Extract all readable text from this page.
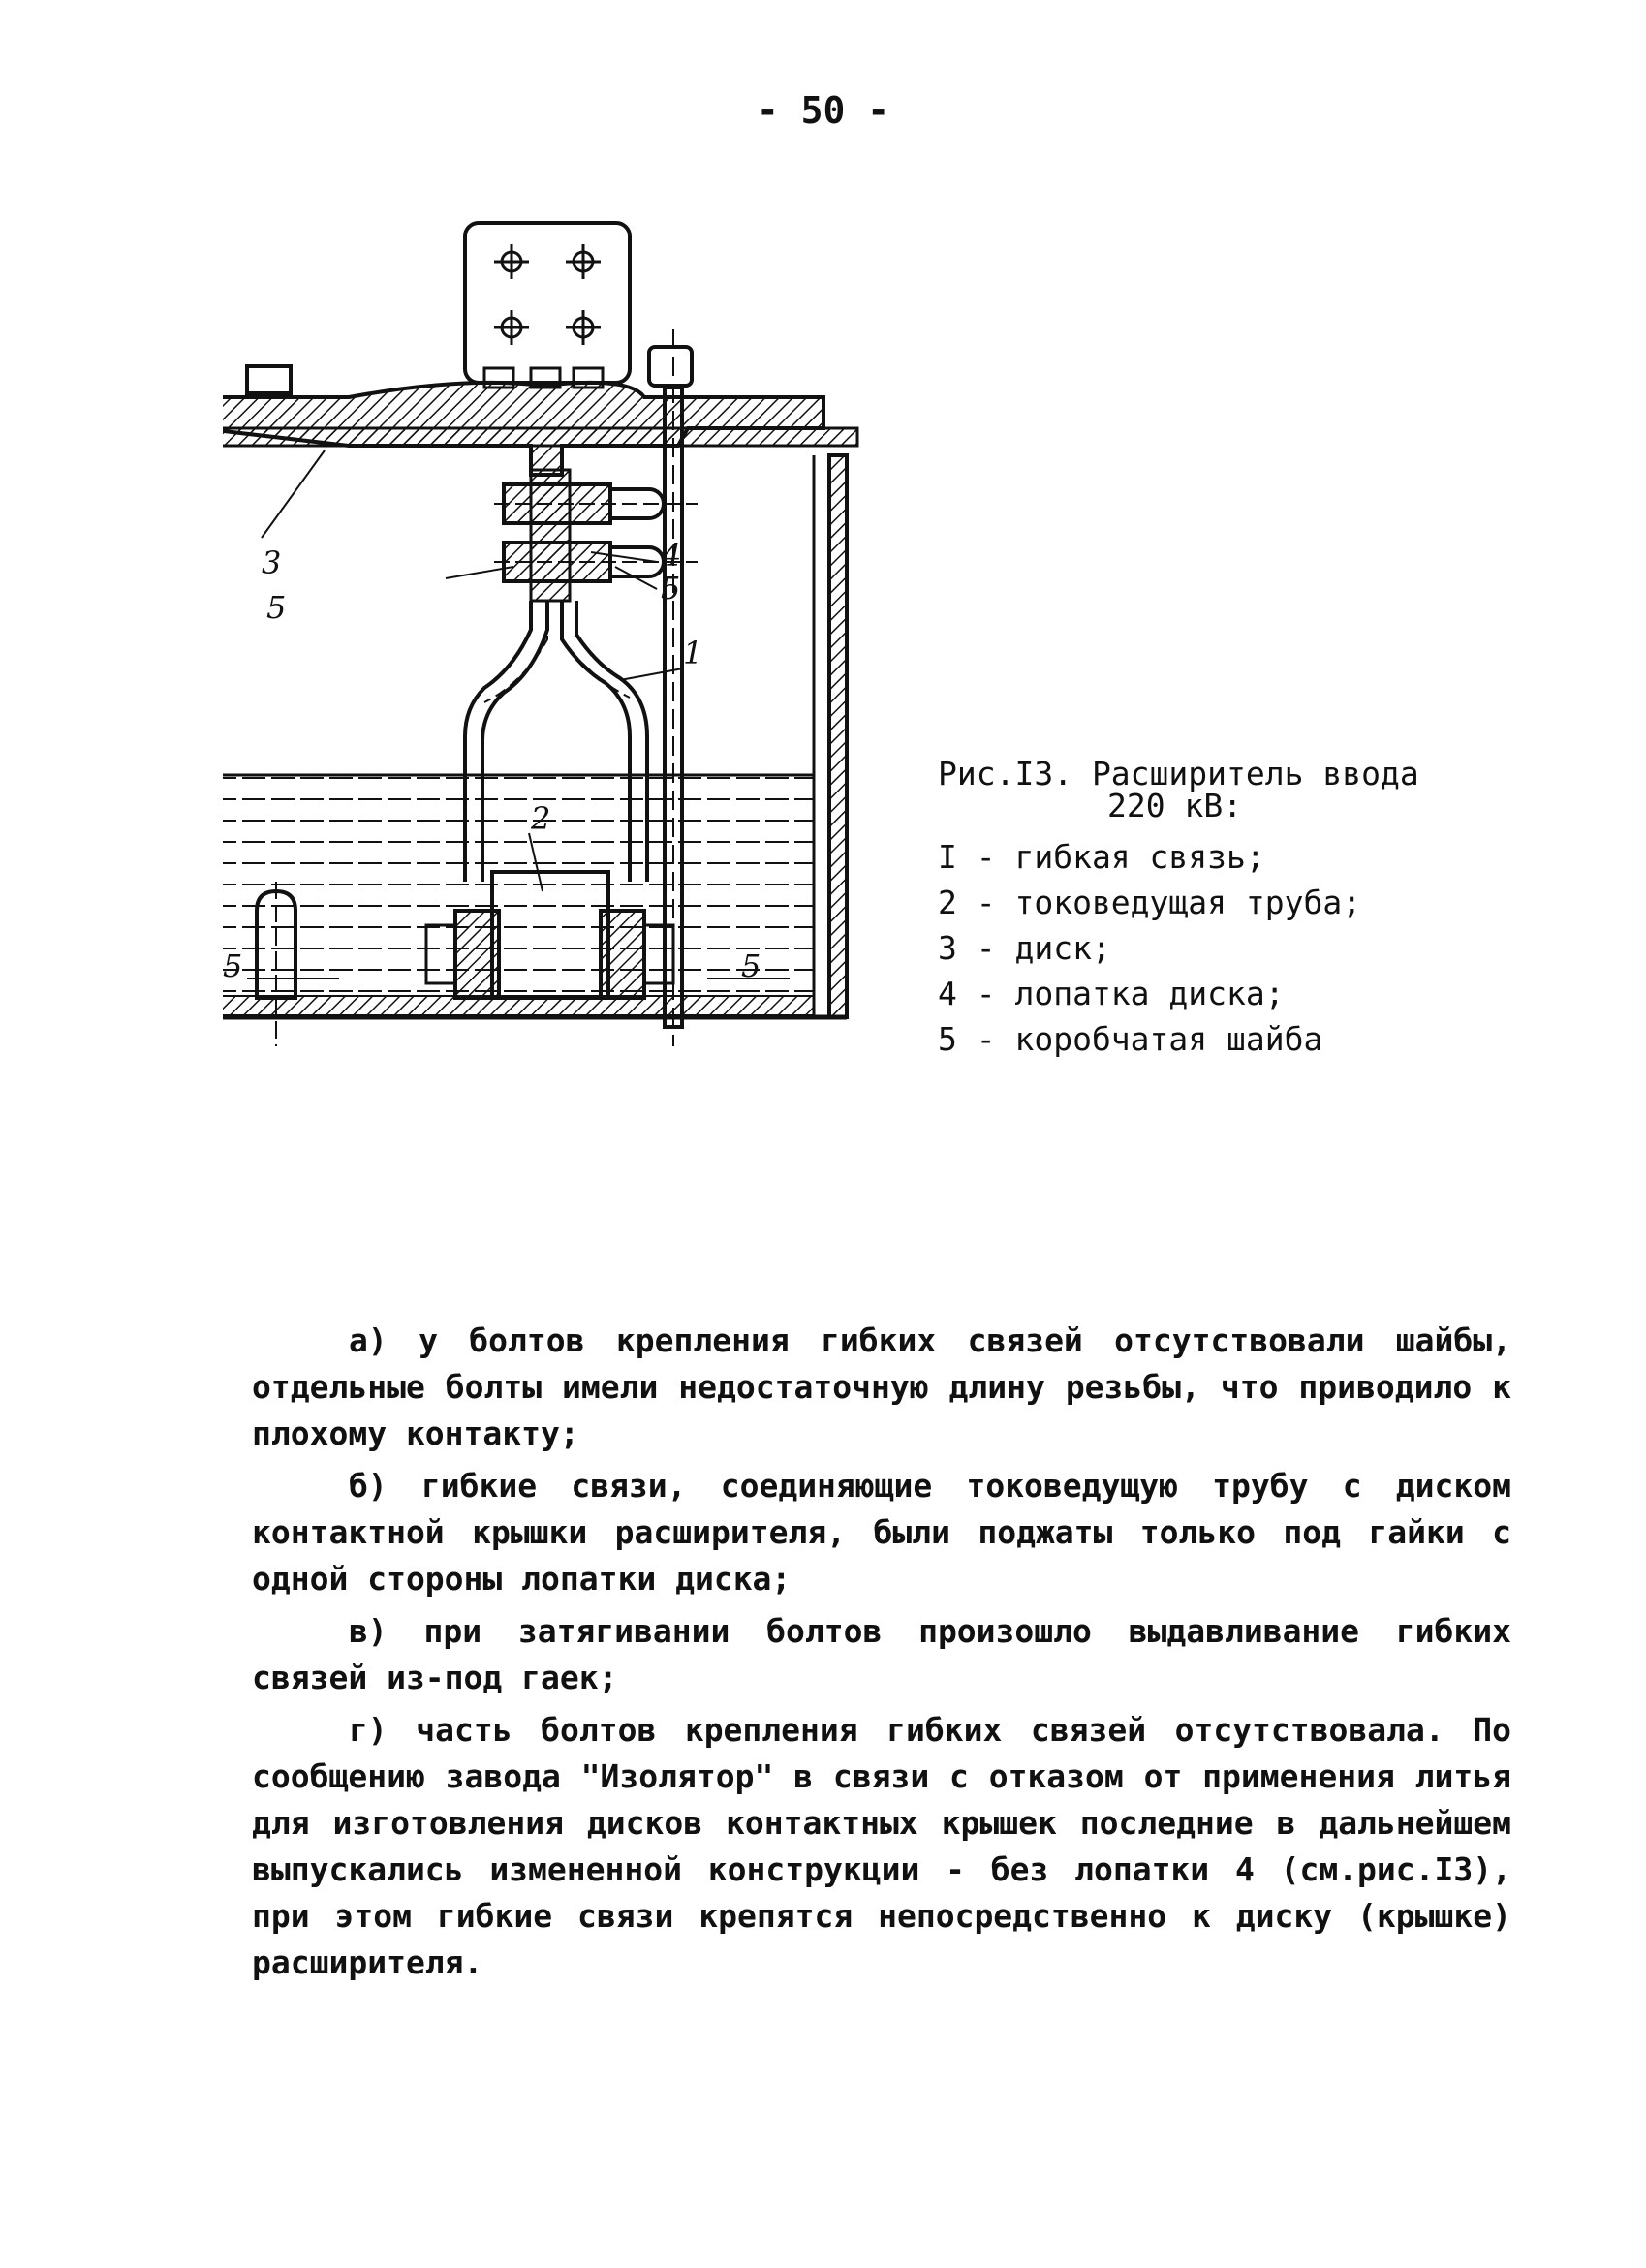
- 50 -
3	4
5
5
1
2
5	5
Рис.I3. Расширитель ввода
220 кВ:
I - гибкая связь;
2 - токоведущая труба;
3 - диск;
4 - лопатка диска;
5 - коробчатая шайба

а) у болтов крепления гибких связей отсутствовали шайбы, отдельные болты имели недостаточную длину резьбы, что приводило к плохому контакту;

б) гибкие связи, соединяющие токоведущую трубу с диском контактной крышки расширителя, были поджаты только под гайки с одной стороны лопатки диска;

в) при затягивании болтов произошло выдавливание гибких связей из-под гаек;

г) часть болтов крепления гибких связей отсутствовала. По сообщению завода "Изолятор" в связи с отказом от применения литья для изготовления дисков контактных крышек последние в дальнейшем выпускались измененной конструкции - без лопатки 4 (см.рис.I3), при этом гибкие связи крепятся непосредственно к диску (крышке) расширителя.
